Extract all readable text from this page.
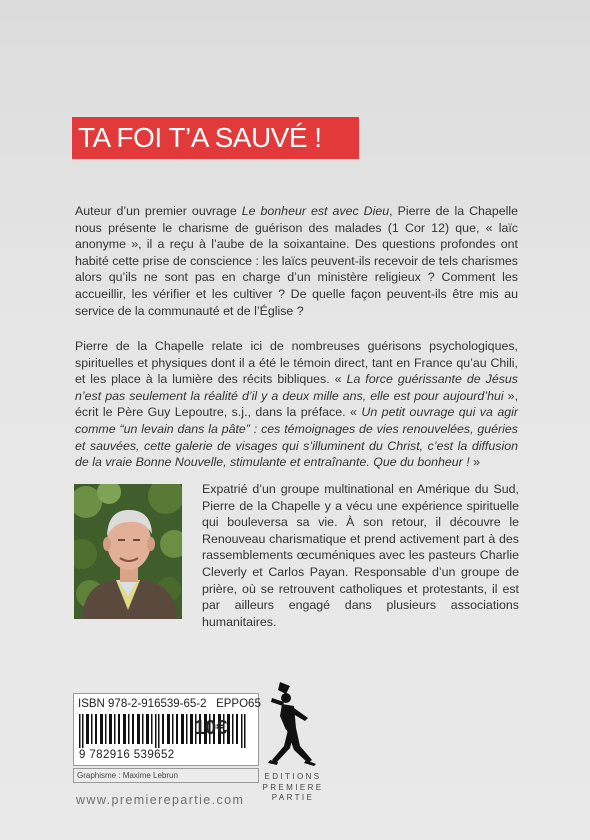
TA FOI T’A SAUVÉ !
Auteur d’un premier ouvrage Le bonheur est avec Dieu, Pierre de la Chapelle nous présente le charisme de guérison des malades (1 Cor 12) que, « laïc anonyme », il a reçu à l’aube de la soixantaine. Des questions profondes ont habité cette prise de conscience : les laïcs peuvent-ils recevoir de tels charismes alors qu’ils ne sont pas en charge d’un ministère religieux ? Comment les accueillir, les vérifier et les cultiver ? De quelle façon peuvent-ils être mis au service de la communauté et de l’Église ?
Pierre de la Chapelle relate ici de nombreuses guérisons psychologiques, spirituelles et physiques dont il a été le témoin direct, tant en France qu’au Chili, et les place à la lumière des récits bibliques. « La force guérissante de Jésus n’est pas seulement la réalité d’il y a deux mille ans, elle est pour aujourd’hui », écrit le Père Guy Lepoutre, s.j., dans la préface. « Un petit ouvrage qui va agir comme “un levain dans la pâte” : ces témoignages de vies renouvelées, guéries et sauvées, cette galerie de visages qui s’illuminent du Christ, c’est la diffusion de la vraie Bonne Nouvelle, stimulante et entraînante. Que du bonheur ! »
Expatrié d’un groupe multinational en Amérique du Sud, Pierre de la Chapelle y a vécu une expérience spirituelle qui bouleversa sa vie. À son retour, il découvre le Renouveau charismatique et prend activement part à des rassemblements œcuméniques avec les pasteurs Charlie Cleverly et Carlos Payan. Responsable d’un groupe de prière, où se retrouvent catholiques et protestants, il est par ailleurs engagé dans plusieurs associations humanitaires.
ISBN 978-2-916539-65-2 EPPO65
9 782916 539652
10€
Graphisme : Maxime Lebrun
www.premierepartie.com
EDITIONS
PREMIERE
PARTIE
